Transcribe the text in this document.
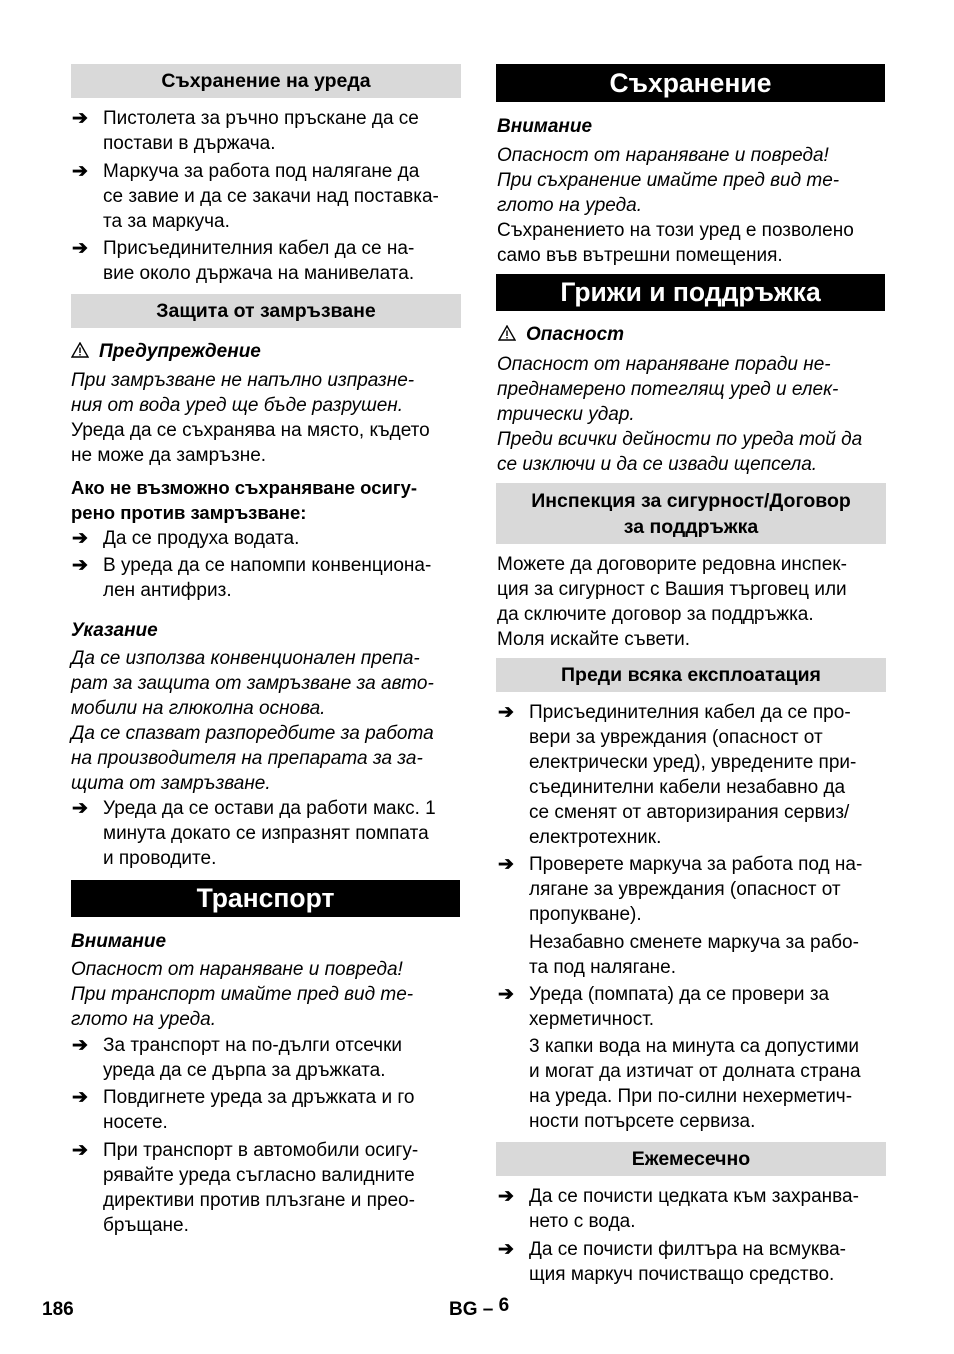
Съхранение на уреда
➔ Пистолета за ръчно пръскане да се
постави в държача.
➔ Маркуча за работа под налягане да
се завие и да се закачи над поставка-
та за маркуча.
➔ Присъединителния кабел да се на-
вие около държача на манивелата.
Защита от замръзване
Предупреждение
При замръзване не напълно изпразне-
ния от вода уред ще бъде разрушен.
Уреда да се съхранява на място, където
не може да замръзне.
Ако не възможно съхраняване осигу-
рено против замръзване:
➔ Да се продуха водата.
➔ В уреда да се напомпи конвенциона-
лен антифриз.
Указание
Да се използва конвенционален препа-
рат за защита от замръзване за авто-
мобили на глюколна основа.
Да се спазват разпоредбите за работа
на производителя на препарата за за-
щита от замръзване.
➔ Уреда да се остави да работи макс. 1
минута докато се изпразнят помпата
и проводите.
Транспорт
Внимание
Опасност от нараняване и повреда!
При транспорт имайте пред вид те-
глото на уреда.
➔ За транспорт на по-дълги отсечки
уреда да се дърпа за дръжката.
➔ Повдигнете уреда за дръжката и го
носете.
➔ При транспорт в автомобили осигу-
рявайте уреда съгласно валидните
директиви против плъзгане и прео-
бръщане.
Съхранение
Внимание
Опасност от нараняване и повреда!
При съхранение имайте пред вид те-
глото на уреда.
Съхранението на този уред е позволено
само във вътрешни помещения.
Грижи и поддръжка
Опасност
Опасност от нараняване поради не-
преднамерено потеглящ уред и елек-
трически удар.
Преди всички дейности по уреда той да
се изключи и да се извади щепсела.
Инспекция за сигурност/Договор
за поддръжка
Можете да договорите редовна инспек-
ция за сигурност с Вашия търговец или
да сключите договор за поддръжка.
Моля искайте съвети.
Преди всяка експлоатация
➔ Присъединителния кабел да се про-
вери за увреждания (опасност от
електрически уред), увредените при-
съединителни кабели незабавно да
се сменят от авторизирания сервиз/
електротехник.
➔ Проверете маркуча за работа под на-
лягане за увреждания (опасност от
пропукване).
Незабавно сменете маркуча за рабо-
та под налягане.
➔ Уреда (помпата) да се провери за
херметичност.
3 капки вода на минута са допустими
и могат да изтичат от долната страна
на уреда. При по-силни нехерметич-
ности потърсете сервиза.
Ежемесечно
➔ Да се почисти цедката към захранва-
нето с вода.
➔ Да се почисти филтъра на всмуква-
щия маркуч почистващо средство.
186	BG – 6
